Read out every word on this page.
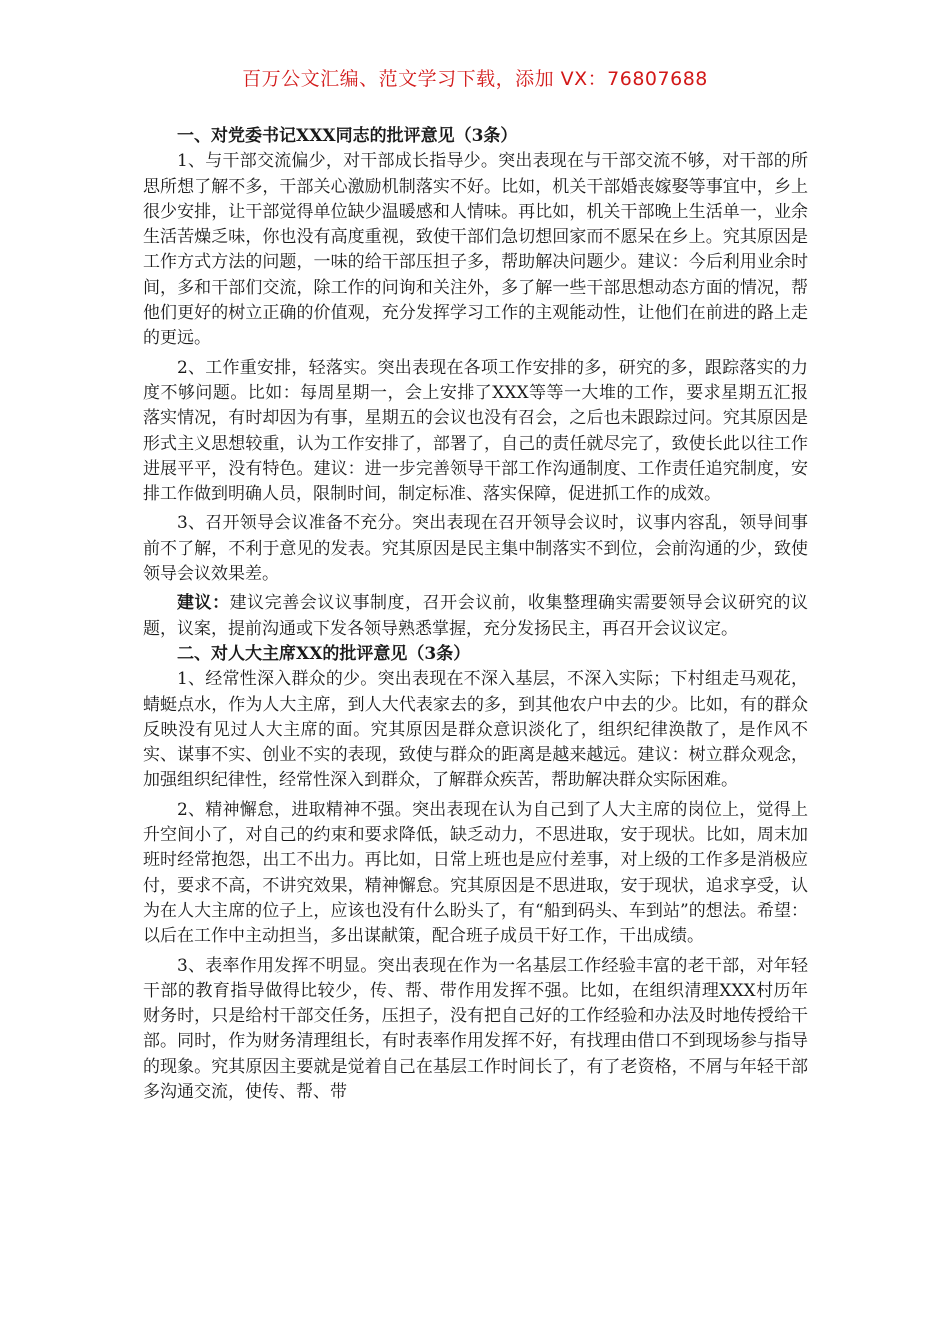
百万公文汇编、范文学习下载，添加 VX：76807688

一、对党委书记XXX同志的批评意见（3条）

1、与干部交流偏少，对干部成长指导少。突出表现在与干部交流不够，对干部的所思所想了解不多，干部关心激励机制落实不好。比如，机关干部婚丧嫁娶等事宜中，乡上很少安排，让干部觉得单位缺少温暖感和人情味。再比如，机关干部晚上生活单一，业余生活苦燥乏味，你也没有高度重视，致使干部们急切想回家而不愿呆在乡上。究其原因是工作方式方法的问题，一味的给干部压担子多，帮助解决问题少。建议：今后利用业余时间，多和干部们交流，除工作的问询和关注外，多了解一些干部思想动态方面的情况，帮他们更好的树立正确的价值观，充分发挥学习工作的主观能动性，让他们在前进的路上走的更远。

2、工作重安排，轻落实。突出表现在各项工作安排的多，研究的多，跟踪落实的力度不够问题。比如：每周星期一，会上安排了XXX等等一大堆的工作，要求星期五汇报落实情况，有时却因为有事，星期五的会议也没有召会，之后也未跟踪过问。究其原因是形式主义思想较重，认为工作安排了，部署了，自己的责任就尽完了，致使长此以往工作进展平平，没有特色。建议：进一步完善领导干部工作沟通制度、工作责任追究制度，安排工作做到明确人员，限制时间，制定标准、落实保障，促进抓工作的成效。

3、召开领导会议准备不充分。突出表现在召开领导会议时，议事内容乱，领导间事前不了解，不利于意见的发表。究其原因是民主集中制落实不到位，会前沟通的少，致使领导会议效果差。

建议：建议完善会议议事制度，召开会议前，收集整理确实需要领导会议研究的议题，议案，提前沟通或下发各领导熟悉掌握，充分发扬民主，再召开会议议定。

二、对人大主席XX的批评意见（3条）

1、经常性深入群众的少。突出表现在不深入基层，不深入实际；下村组走马观花，蜻蜓点水，作为人大主席，到人大代表家去的多，到其他农户中去的少。比如，有的群众反映没有见过人大主席的面。究其原因是群众意识淡化了，组织纪律涣散了，是作风不实、谋事不实、创业不实的表现，致使与群众的距离是越来越远。建议：树立群众观念，加强组织纪律性，经常性深入到群众，了解群众疾苦，帮助解决群众实际困难。

2、精神懈怠，进取精神不强。突出表现在认为自己到了人大主席的岗位上，觉得上升空间小了，对自己的约束和要求降低，缺乏动力，不思进取，安于现状。比如，周末加班时经常抱怨，出工不出力。再比如，日常上班也是应付差事，对上级的工作多是消极应付，要求不高，不讲究效果，精神懈怠。究其原因是不思进取，安于现状，追求享受，认为在人大主席的位子上，应该也没有什么盼头了，有“船到码头、车到站”的想法。希望：以后在工作中主动担当，多出谋献策，配合班子成员干好工作，干出成绩。

3、表率作用发挥不明显。突出表现在作为一名基层工作经验丰富的老干部，对年轻干部的教育指导做得比较少，传、帮、带作用发挥不强。比如，在组织清理XXX村历年财务时，只是给村干部交任务，压担子，没有把自己好的工作经验和办法及时地传授给干部。同时，作为财务清理组长，有时表率作用发挥不好，有找理由借口不到现场参与指导的现象。究其原因主要就是觉着自己在基层工作时间长了，有了老资格，不屑与年轻干部多沟通交流，使传、帮、带
